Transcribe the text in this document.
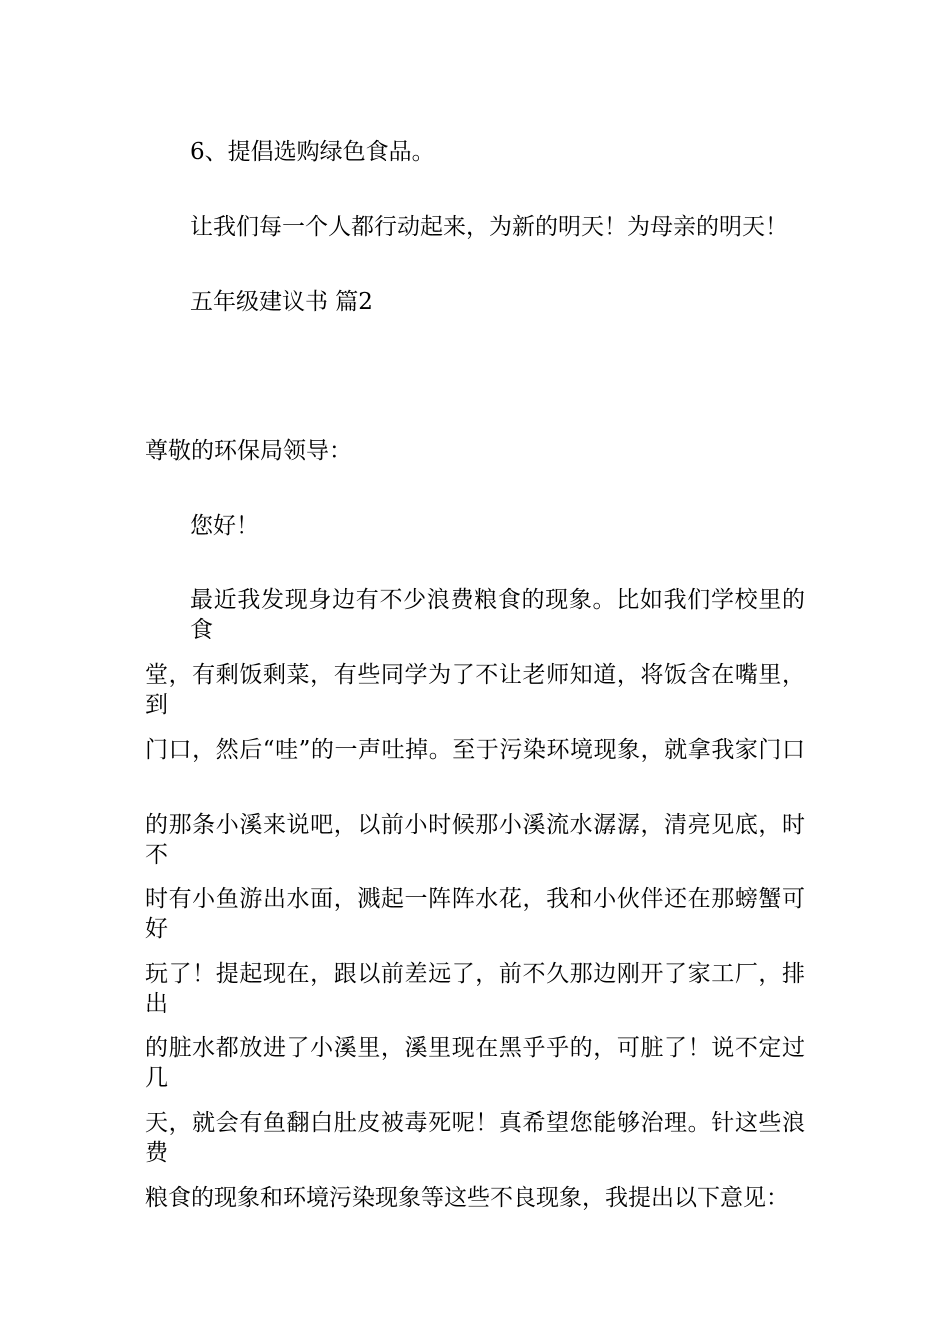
6、提倡选购绿色食品。
让我们每一个人都行动起来，为新的明天！为母亲的明天！
五年级建议书 篇2
尊敬的环保局领导：
您好！
最近我发现身边有不少浪费粮食的现象。比如我们学校里的食
堂，有剩饭剩菜，有些同学为了不让老师知道，将饭含在嘴里，到
门口，然后“哇”的一声吐掉。至于污染环境现象，就拿我家门口
的那条小溪来说吧，以前小时候那小溪流水潺潺，清亮见底，时不
时有小鱼游出水面，溅起一阵阵水花，我和小伙伴还在那螃蟹可好
玩了！提起现在，跟以前差远了，前不久那边刚开了家工厂，排出
的脏水都放进了小溪里，溪里现在黑乎乎的，可脏了！说不定过几
天，就会有鱼翻白肚皮被毒死呢！真希望您能够治理。针这些浪费
粮食的现象和环境污染现象等这些不良现象，我提出以下意见：
